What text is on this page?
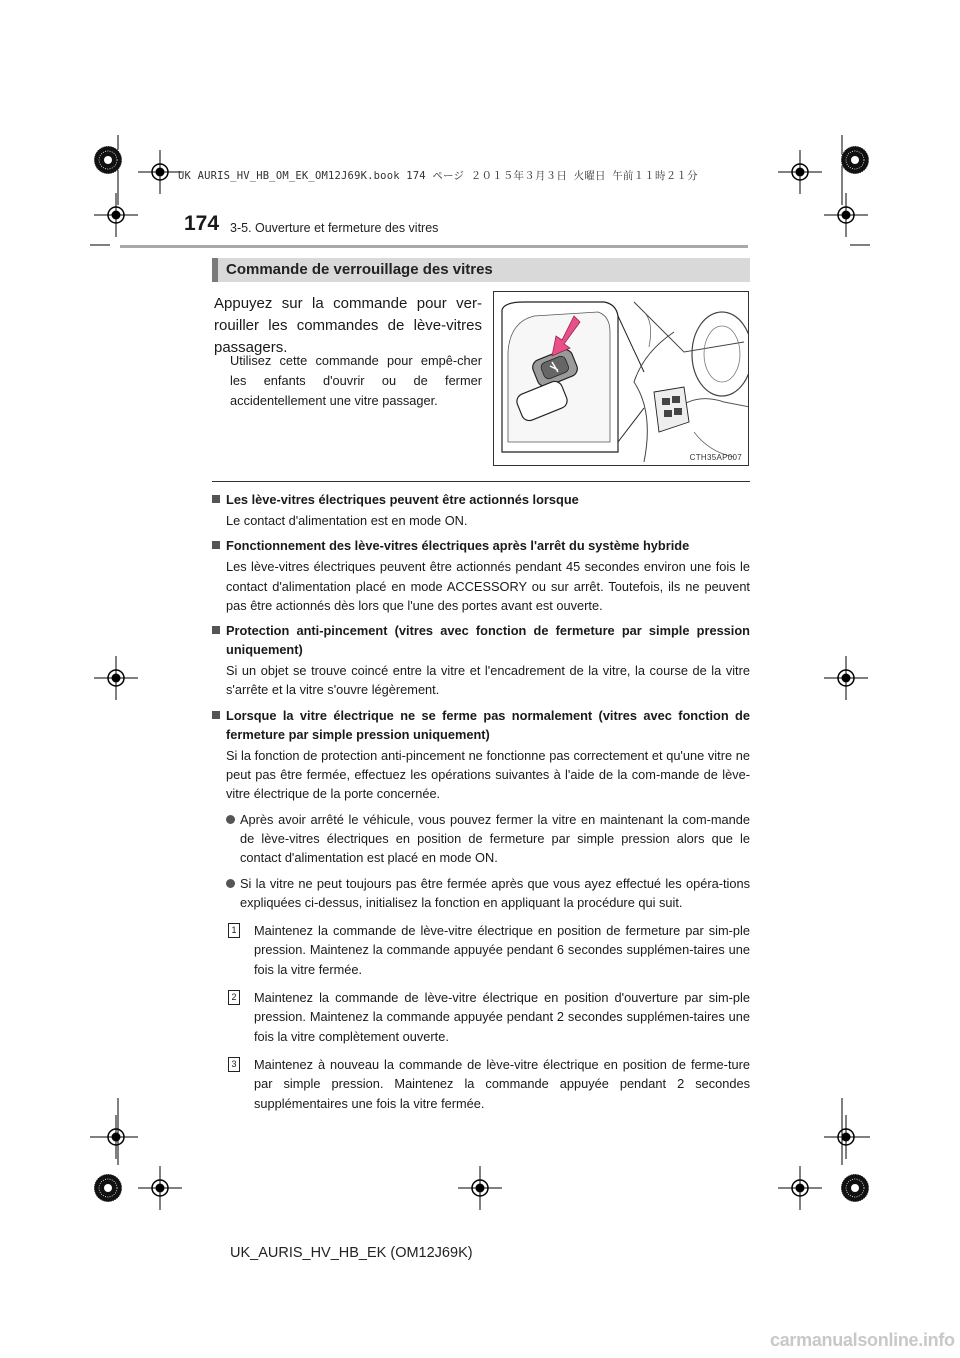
UK AURIS_HV_HB_OM_EK_OM12J69K.book 174 ページ ２０１５年３月３日 火曜日 午前１１時２１分
174 3-5. Ouverture et fermeture des vitres
Commande de verrouillage des vitres
Appuyez sur la commande pour ver-rouiller les commandes de lève-vitres passagers.
Utilisez cette commande pour empê-cher les enfants d'ouvrir ou de fermer accidentellement une vitre passager.
CTH35AP007
Les lève-vitres électriques peuvent être actionnés lorsque
Le contact d'alimentation est en mode ON.
Fonctionnement des lève-vitres électriques après l'arrêt du système hybride
Les lève-vitres électriques peuvent être actionnés pendant 45 secondes environ une fois le contact d'alimentation placé en mode ACCESSORY ou sur arrêt. Toutefois, ils ne peuvent pas être actionnés dès lors que l'une des portes avant est ouverte.
Protection anti-pincement (vitres avec fonction de fermeture par simple pression uniquement)
Si un objet se trouve coincé entre la vitre et l'encadrement de la vitre, la course de la vitre s'arrête et la vitre s'ouvre légèrement.
Lorsque la vitre électrique ne se ferme pas normalement (vitres avec fonction de fermeture par simple pression uniquement)
Si la fonction de protection anti-pincement ne fonctionne pas correctement et qu'une vitre ne peut pas être fermée, effectuez les opérations suivantes à l'aide de la com-mande de lève-vitre électrique de la porte concernée.
Après avoir arrêté le véhicule, vous pouvez fermer la vitre en maintenant la com-mande de lève-vitres électriques en position de fermeture par simple pression alors que le contact d'alimentation est placé en mode ON.
Si la vitre ne peut toujours pas être fermée après que vous ayez effectué les opéra-tions expliquées ci-dessus, initialisez la fonction en appliquant la procédure qui suit.
1 Maintenez la commande de lève-vitre électrique en position de fermeture par sim-ple pression. Maintenez la commande appuyée pendant 6 secondes supplémen-taires une fois la vitre fermée.
2 Maintenez la commande de lève-vitre électrique en position d'ouverture par sim-ple pression. Maintenez la commande appuyée pendant 2 secondes supplémen-taires une fois la vitre complètement ouverte.
3 Maintenez à nouveau la commande de lève-vitre électrique en position de ferme-ture par simple pression. Maintenez la commande appuyée pendant 2 secondes supplémentaires une fois la vitre fermée.
UK_AURIS_HV_HB_EK (OM12J69K)
carmanualsonline.info
